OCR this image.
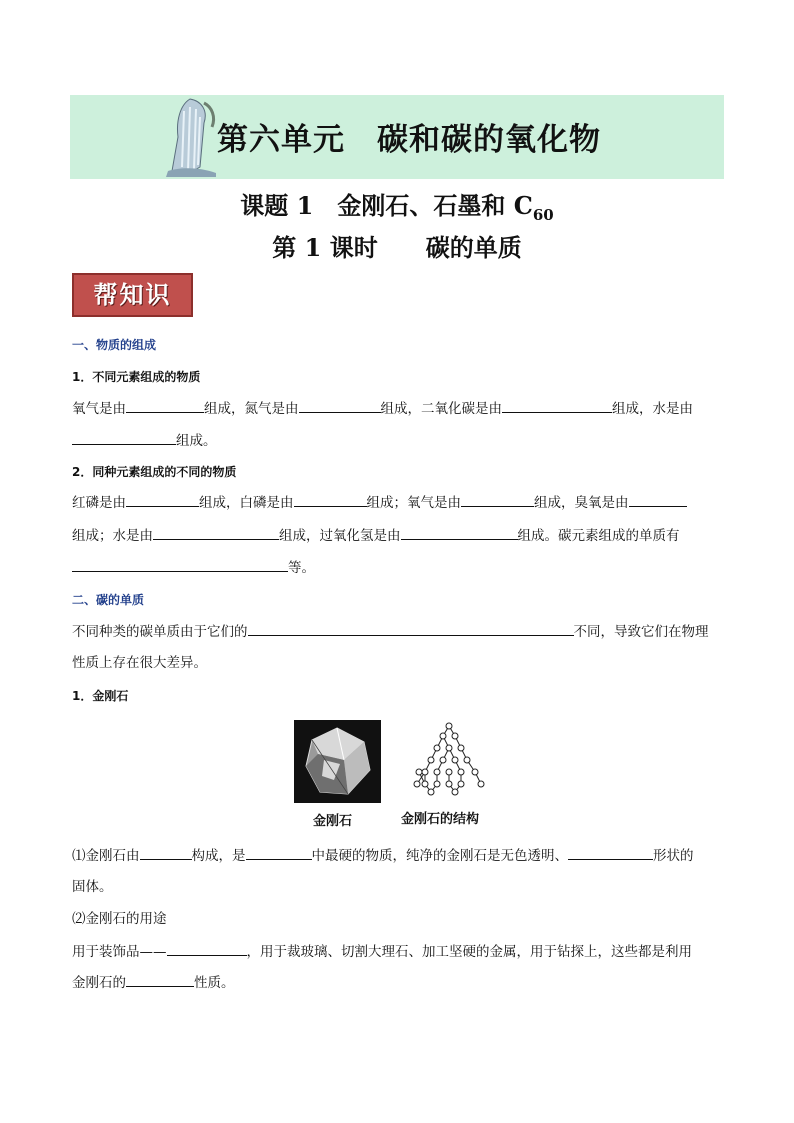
第六单元　碳和碳的氧化物
课题 1　金刚石、石墨和 $C_{60}$
第 1 课时　　碳的单质
帮知识
一、物质的组成
1．不同元素组成的物质
氧气是由	组成，氮气是由	组成，二氧化碳是由	组成，水是由
组成。
2．同种元素组成的不同的物质
红磷是由	组成，白磷是由	组成；氧气是由	组成，臭氧是由
组成；水是由	组成，过氧化氢是由	组成。碳元素组成的单质有
等。
二、碳的单质
不同种类的碳单质由于它们的	不同，导致它们在物理
性质上存在很大差异。
1．金刚石
金刚石	金刚石的结构
⑴金刚石由	构成，是	中最硬的物质，纯净的金刚石是无色透明、	形状的
固体。
⑵金刚石的用途
用于装饰品——	，用于裁玻璃、切割大理石、加工坚硬的金属，用于钻探上，这些都是利用
金刚石的	性质。
